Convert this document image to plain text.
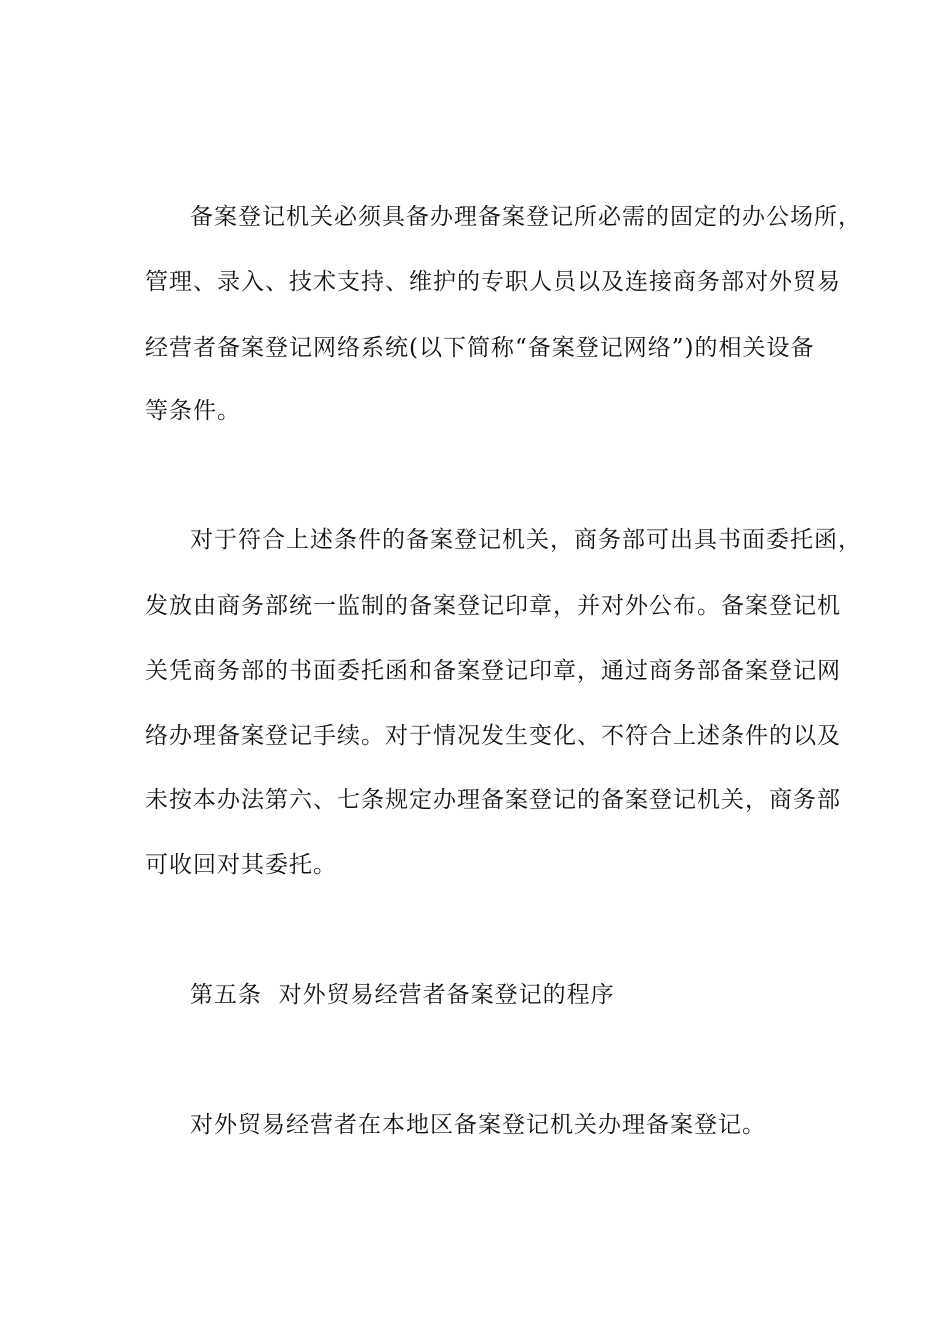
备案登记机关必须具备办理备案登记所必需的固定的办公场所，
管理、录入、技术支持、维护的专职人员以及连接商务部对外贸易
经营者备案登记网络系统(以下简称“备案登记网络”)的相关设备
等条件。
对于符合上述条件的备案登记机关，商务部可出具书面委托函，
发放由商务部统一监制的备案登记印章，并对外公布。备案登记机
关凭商务部的书面委托函和备案登记印章，通过商务部备案登记网
络办理备案登记手续。对于情况发生变化、不符合上述条件的以及
未按本办法第六、七条规定办理备案登记的备案登记机关，商务部
可收回对其委托。
第五条  对外贸易经营者备案登记的程序
对外贸易经营者在本地区备案登记机关办理备案登记。
